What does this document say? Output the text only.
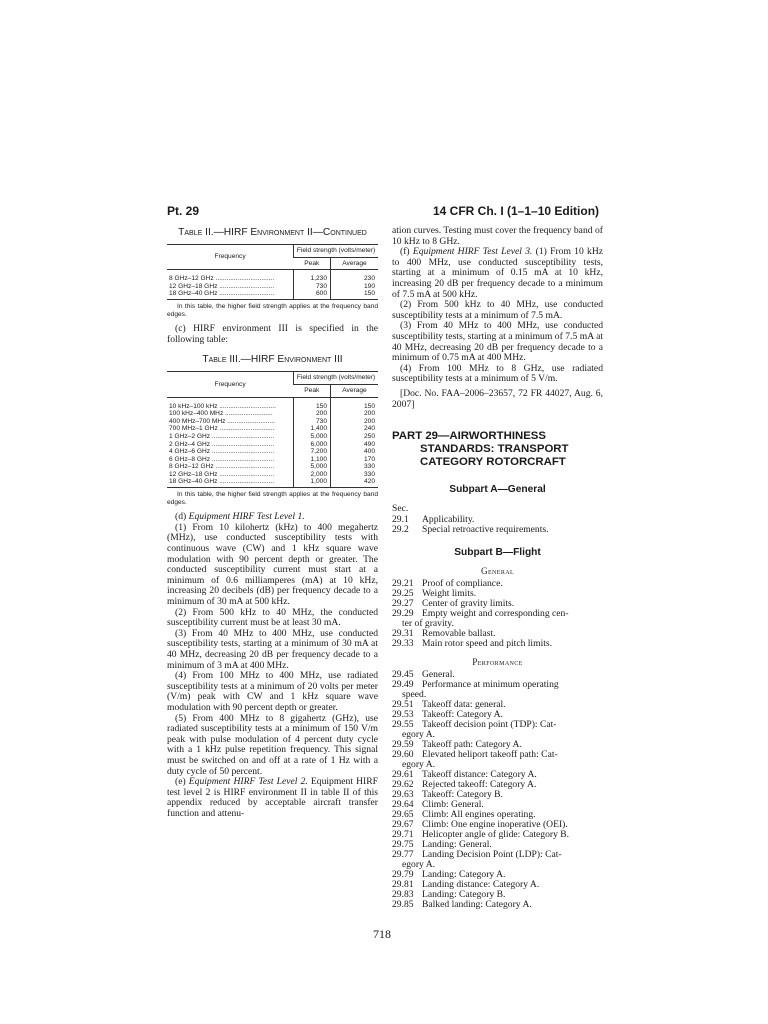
Pt. 29	14 CFR Ch. I (1–1–10 Edition)
Table II.—HIRF Environment II—Continued
Frequency	Field strength (volts/meter)	
	Peak	Average

8 GHz–12 GHz ................................	1,230	230
12 GHz–18 GHz ..............................	730	190
18 GHz–40 GHz ..............................	600	150

In this table, the higher field strength applies at the frequency band edges.

(c) HIRF environment III is specified in the following table:

Table III.—HIRF Environment III
Frequency	Field strength (volts/meter)	
	Peak	Average

10 kHz–100 kHz ...............................	150	150
100 kHz–400 MHz ..........................	200	200
400 MHz–700 MHz ..........................	730	200
700 MHz–1 GHz ..............................	1,400	240
1 GHz–2 GHz ..................................	5,000	250
2 GHz–4 GHz ..................................	6,000	490
4 GHz–6 GHz ..................................	7,200	400
6 GHz–8 GHz ..................................	1,100	170
8 GHz–12 GHz ................................	5,000	330
12 GHz–18 GHz ..............................	2,000	330
18 GHz–40 GHz ..............................	1,000	420

In this table, the higher field strength applies at the frequency band edges.

(d) Equipment HIRF Test Level 1.

(1) From 10 kilohertz (kHz) to 400 megahertz (MHz), use conducted susceptibility tests with continuous wave (CW) and 1 kHz square wave modulation with 90 percent depth or greater. The conducted susceptibility current must start at a minimum of 0.6 milliamperes (mA) at 10 kHz, increasing 20 decibels (dB) per frequency decade to a minimum of 30 mA at 500 kHz.

(2) From 500 kHz to 40 MHz, the conducted susceptibility current must be at least 30 mA.

(3) From 40 MHz to 400 MHz, use conducted susceptibility tests, starting at a minimum of 30 mA at 40 MHz, decreasing 20 dB per frequency decade to a minimum of 3 mA at 400 MHz.

(4) From 100 MHz to 400 MHz, use radiated susceptibility tests at a minimum of 20 volts per meter (V/m) peak with CW and 1 kHz square wave modulation with 90 percent depth or greater.

(5) From 400 MHz to 8 gigahertz (GHz), use radiated susceptibility tests at a minimum of 150 V/m peak with pulse modulation of 4 percent duty cycle with a 1 kHz pulse repetition frequency. This signal must be switched on and off at a rate of 1 Hz with a duty cycle of 50 percent.

(e) Equipment HIRF Test Level 2. Equipment HIRF test level 2 is HIRF environment II in table II of this appendix reduced by acceptable aircraft transfer function and attenu-

ation curves. Testing must cover the frequency band of 10 kHz to 8 GHz.

(f) Equipment HIRF Test Level 3. (1) From 10 kHz to 400 MHz, use conducted susceptibility tests, starting at a minimum of 0.15 mA at 10 kHz, increasing 20 dB per frequency decade to a minimum of 7.5 mA at 500 kHz.

(2) From 500 kHz to 40 MHz, use conducted susceptibility tests at a minimum of 7.5 mA.

(3) From 40 MHz to 400 MHz, use conducted susceptibility tests, starting at a minimum of 7.5 mA at 40 MHz, decreasing 20 dB per frequency decade to a minimum of 0.75 mA at 400 MHz.

(4) From 100 MHz to 8 GHz, use radiated susceptibility tests at a minimum of 5 V/m.

[Doc. No. FAA–2006–23657, 72 FR 44027, Aug. 6, 2007]

PART 29—AIRWORTHINESS STANDARDS: TRANSPORT CATEGORY ROTORCRAFT
Subpart A—General
Sec.
29.1	Applicability.
29.2	Special retroactive requirements.
Subpart B—Flight
General
29.21 Proof of compliance.
29.25 Weight limits.
29.27 Center of gravity limits.
29.29 Empty weight and corresponding cen-
ter of gravity.
29.31 Removable ballast.
29.33 Main rotor speed and pitch limits.
Performance
29.45 General.
29.49 Performance at minimum operating
speed.
29.51 Takeoff data: general.
29.53 Takeoff: Category A.
29.55 Takeoff decision point (TDP): Cat-
egory A.
29.59 Takeoff path: Category A.
29.60 Elevated heliport takeoff path: Cat-
egory A.
29.61 Takeoff distance: Category A.
29.62 Rejected takeoff: Category A.
29.63 Takeoff: Category B.
29.64 Climb: General.
29.65 Climb: All engines operating.
29.67 Climb: One engine inoperative (OEI).
29.71 Helicopter angle of glide: Category B.
29.75 Landing: General.
29.77 Landing Decision Point (LDP): Cat-
egory A.
29.79 Landing: Category A.
29.81 Landing distance: Category A.
29.83 Landing: Category B.
29.85 Balked landing: Category A.
718
